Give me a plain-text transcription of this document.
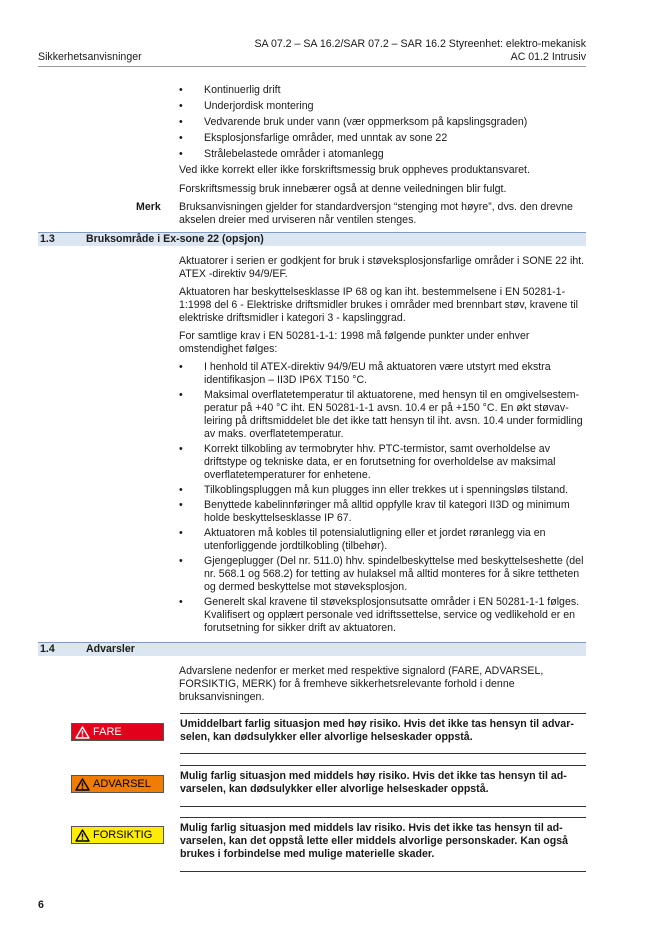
SA 07.2 – SA 16.2/SAR 07.2 – SAR 16.2 Styreenhet: elektro-mekanisk
AC 01.2 Intrusiv
Sikkerhetsanvisninger
• Kontinuerlig drift
• Underjordisk montering
• Vedvarende bruk under vann (vær oppmerksom på kapslingsgraden)
• Eksplosjonsfarlige områder, med unntak av sone 22
• Strålebelastede områder i atomanlegg
Ved ikke korrekt eller ikke forskriftsmessig bruk oppheves produktansvaret.
Forskriftsmessig bruk innebærer også at denne veiledningen blir fulgt.
Merk Bruksanvisningen gjelder for standardversjon “stenging mot høyre”, dvs. den drevne akselen dreier med urviseren når ventilen stenges.
1.3	Bruksområde i Ex-sone 22 (opsjon)
Aktuatorer i serien er godkjent for bruk i støveksplosjonsfarlige områder i SONE 22 iht. ATEX -direktiv 94/9/EF.
Aktuatoren har beskyttelsesklasse IP 68 og kan iht. bestemmelsene i EN 50281-1-1:1998 del 6 - Elektriske driftsmidler brukes i områder med brennbart støv, kravene til elektriske driftsmidler i kategori 3 - kapslinggrad.
For samtlige krav i EN 50281-1-1: 1998 må følgende punkter under enhver omstendighet følges:
• I henhold til ATEX-direktiv 94/9/EU må aktuatoren være utstyrt med ekstra identifikasjon – II3D IP6X T150 °C.
• Maksimal overflatetemperatur til aktuatorene, med hensyn til en omgivelsestem-peratur på +40 °C iht. EN 50281-1-1 avsn. 10.4 er på +150 °C. En økt støvav-leiring på driftsmiddelet ble det ikke tatt hensyn til iht. avsn. 10.4 under formidling av maks. overflatetemperatur.
• Korrekt tilkobling av termobryter hhv. PTC-termistor, samt overholdelse av driftstype og tekniske data, er en forutsetning for overholdelse av maksimal overflatetemperaturer for enhetene.
• Tilkoblingspluggen må kun plugges inn eller trekkes ut i spenningsløs tilstand.
• Benyttede kabelinnføringer må alltid oppfylle krav til kategori II3D og minimum holde beskyttelsesklasse IP 67.
• Aktuatoren må kobles til potensialutligning eller et jordet røranlegg via en utenforliggende jordtilkobling (tilbehør).
• Gjengeplugger (Del nr. 511.0) hhv. spindelbeskyttelse med beskyttelseshette (del nr. 568.1 og 568.2) for tetting av hulaksel må alltid monteres for å sikre tettheten og dermed beskyttelse mot støveksplosjon.
• Generelt skal kravene til støveksplosjonsutsatte områder i EN 50281-1-1 følges. Kvalifisert og opplært personale ved idriftssettelse, service og vedlikehold er en forutsetning for sikker drift av aktuatoren.
1.4	Advarsler
Advarslene nedenfor er merket med respektive signalord (FARE, ADVARSEL, FORSIKTIG, MERK) for å fremheve sikkerhetsrelevante forhold i denne bruksanvisningen.
FARE
Umiddelbart farlig situasjon med høy risiko. Hvis det ikke tas hensyn til advar-selen, kan dødsulykker eller alvorlige helseskader oppstå.
ADVARSEL
Mulig farlig situasjon med middels høy risiko. Hvis det ikke tas hensyn til ad-varselen, kan dødsulykker eller alvorlige helseskader oppstå.
FORSIKTIG
Mulig farlig situasjon med middels lav risiko. Hvis det ikke tas hensyn til ad-varselen, kan det oppstå lette eller middels alvorlige personskader. Kan også brukes i forbindelse med mulige materielle skader.
6
